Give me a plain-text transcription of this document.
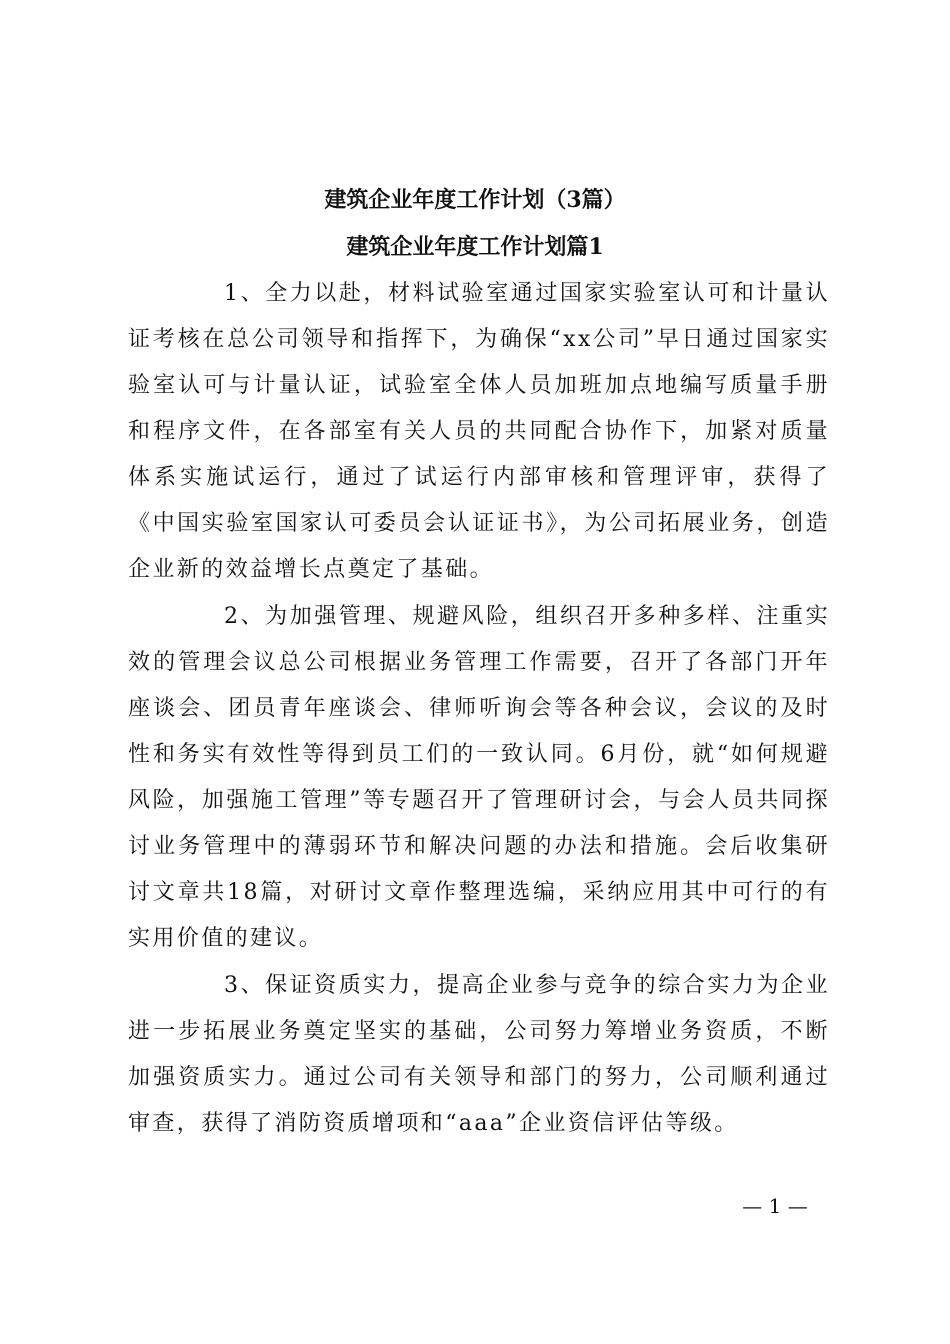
建筑企业年度工作计划（3篇）
建筑企业年度工作计划篇1

1、全力以赴，材料试验室通过国家实验室认可和计量认证考核在总公司领导和指挥下，为确保“xx公司”早日通过国家实验室认可与计量认证，试验室全体人员加班加点地编写质量手册和程序文件，在各部室有关人员的共同配合协作下，加紧对质量体系实施试运行，通过了试运行内部审核和管理评审，获得了《中国实验室国家认可委员会认证证书》，为公司拓展业务，创造企业新的效益增长点奠定了基础。

2、为加强管理、规避风险，组织召开多种多样、注重实效的管理会议总公司根据业务管理工作需要，召开了各部门开年座谈会、团员青年座谈会、律师听询会等各种会议，会议的及时性和务实有效性等得到员工们的一致认同。6月份，就“如何规避风险，加强施工管理”等专题召开了管理研讨会，与会人员共同探讨业务管理中的薄弱环节和解决问题的办法和措施。会后收集研讨文章共18篇，对研讨文章作整理选编，采纳应用其中可行的有实用价值的建议。

3、保证资质实力，提高企业参与竞争的综合实力为企业进一步拓展业务奠定坚实的基础，公司努力筹增业务资质，不断加强资质实力。通过公司有关领导和部门的努力，公司顺利通过审查，获得了消防资质增项和“aaa”企业资信评估等级。

— 1 —
